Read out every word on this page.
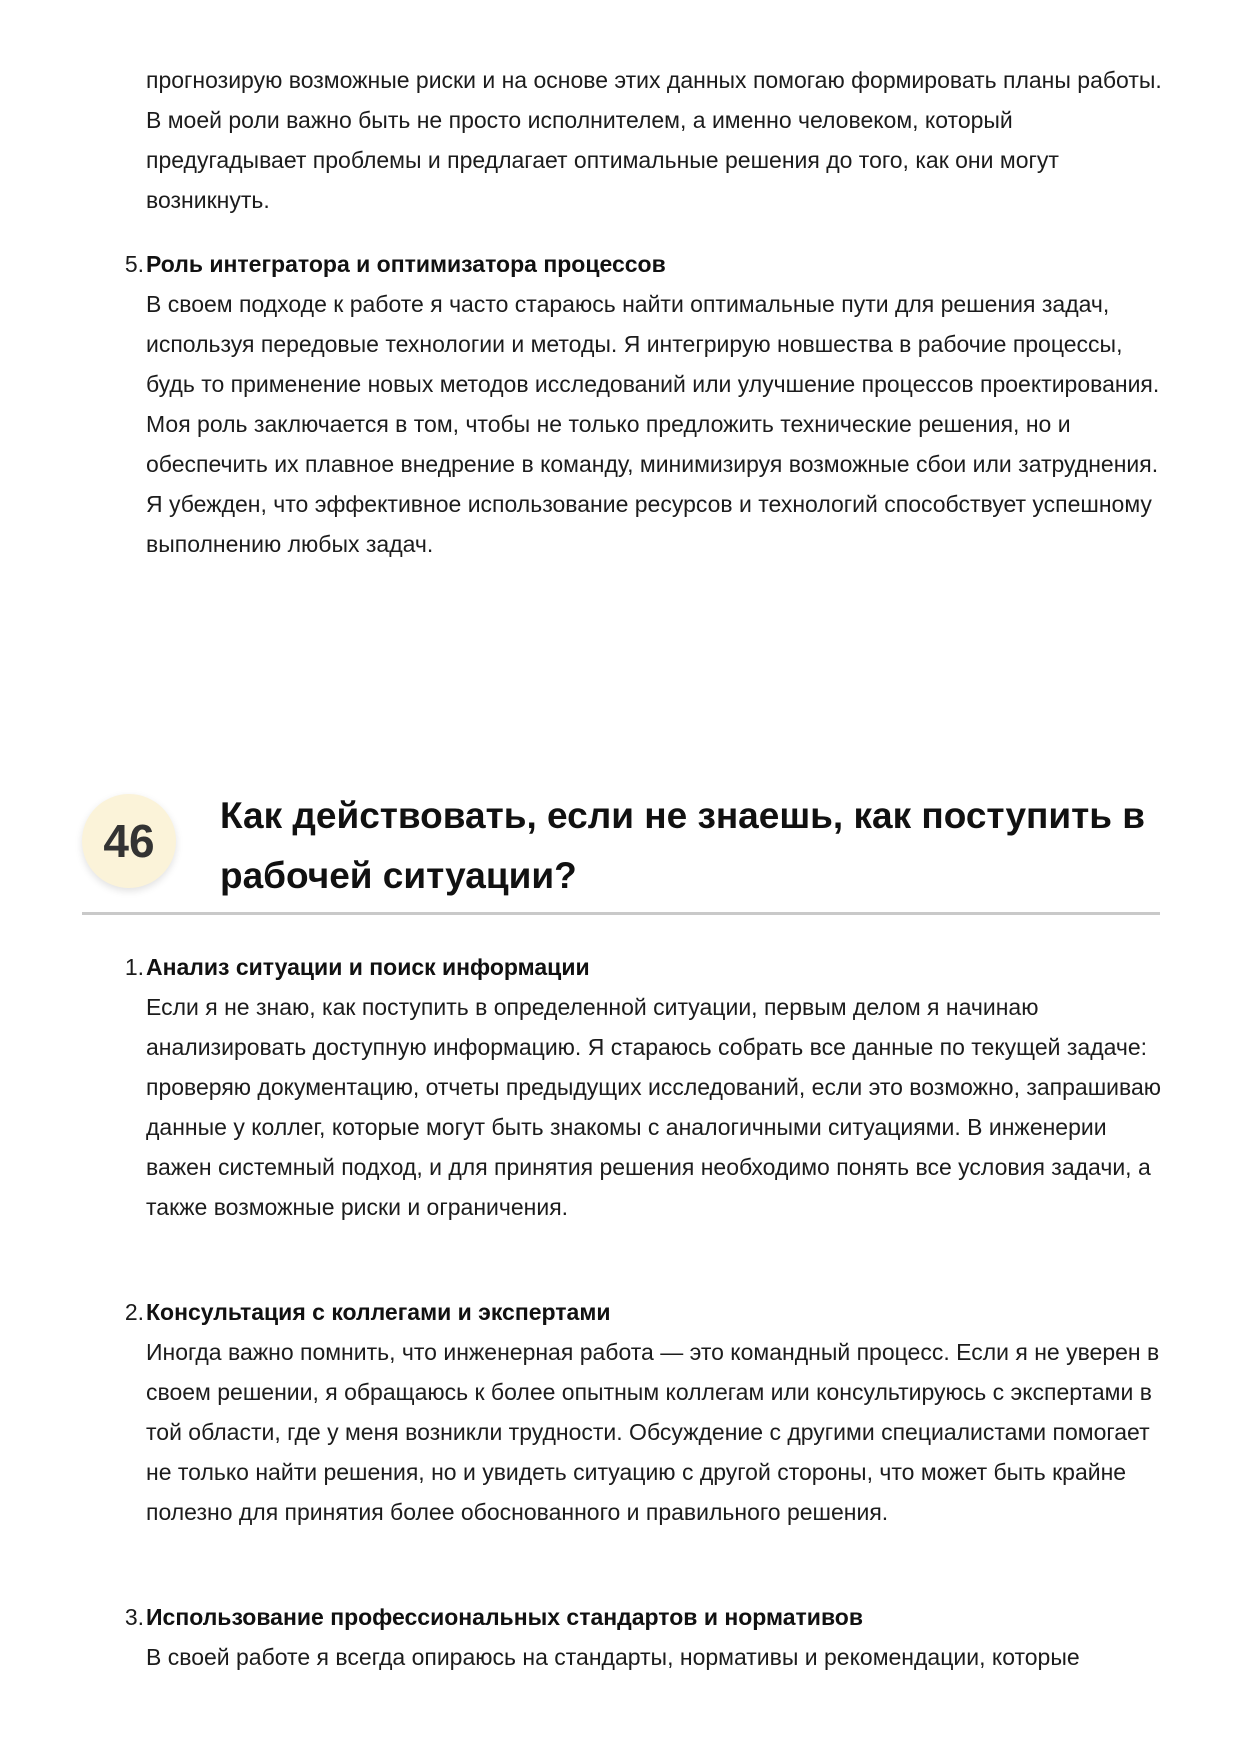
прогнозирую возможные риски и на основе этих данных помогаю формировать планы работы. В моей роли важно быть не просто исполнителем, а именно человеком, который предугадывает проблемы и предлагает оптимальные решения до того, как они могут возникнуть.

5. Роль интегратора и оптимизатора процессов
В своем подходе к работе я часто стараюсь найти оптимальные пути для решения задач, используя передовые технологии и методы. Я интегрирую новшества в рабочие процессы, будь то применение новых методов исследований или улучшение процессов проектирования. Моя роль заключается в том, чтобы не только предложить технические решения, но и обеспечить их плавное внедрение в команду, минимизируя возможные сбои или затруднения. Я убежден, что эффективное использование ресурсов и технологий способствует успешному выполнению любых задач.
46	Как действовать, если не знаешь, как поступить в рабочей ситуации?
1. Анализ ситуации и поиск информации
Если я не знаю, как поступить в определенной ситуации, первым делом я начинаю анализировать доступную информацию. Я стараюсь собрать все данные по текущей задаче: проверяю документацию, отчеты предыдущих исследований, если это возможно, запрашиваю данные у коллег, которые могут быть знакомы с аналогичными ситуациями. В инженерии важен системный подход, и для принятия решения необходимо понять все условия задачи, а также возможные риски и ограничения.
2. Консультация с коллегами и экспертами
Иногда важно помнить, что инженерная работа — это командный процесс. Если я не уверен в своем решении, я обращаюсь к более опытным коллегам или консультируюсь с экспертами в той области, где у меня возникли трудности. Обсуждение с другими специалистами помогает не только найти решения, но и увидеть ситуацию с другой стороны, что может быть крайне полезно для принятия более обоснованного и правильного решения.
3. Использование профессиональных стандартов и нормативов
В своей работе я всегда опираюсь на стандарты, нормативы и рекомендации, которые
